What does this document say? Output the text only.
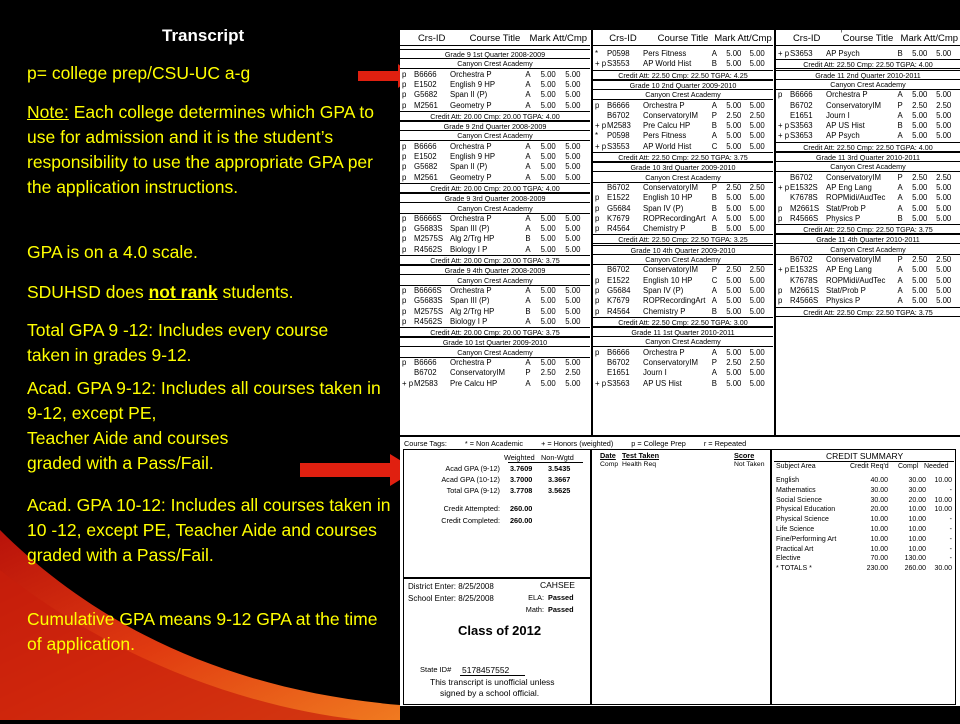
Transcript
p= college prep/CSU-UC a-g
Note: Each college determines which GPA to use for admission and it is the student’s responsibility to use the appropriate GPA per the application instructions.
GPA is on a 4.0 scale.
SDUHSD does not rank students.
Total GPA 9 -12: Includes every course taken in grades 9-12.
Acad. GPA 9-12: Includes all courses taken in 9-12, except PE,
Teacher Aide and courses
graded with a Pass/Fail.
Acad. GPA 10-12: Includes all courses taken in 10 -12, except PE, Teacher Aide and courses graded with a Pass/Fail.
Cumulative GPA means 9-12 GPA at the time of application.
~~~~ ~~~ ~~~~ | ~~~ ~~~~ ~~~~
Crs-ID	Course Title Mark Att/Cmp
Grade 9 1st Quarter 2008-2009
Canyon Crest Academy
p B6666 Orchestra P	A 5.00 5.00
p E1502 English 9 HP	A 5.00 5.00
p G5682 Span II (P)	A 5.00 5.00
p M2561 Geometry P	A 5.00 5.00
Credit Att: 20.00 Cmp: 20.00 TGPA: 4.00
Grade 9 2nd Quarter 2008-2009
Canyon Crest Academy
p B6666 Orchestra P	A 5.00 5.00
p E1502 English 9 HP	A 5.00 5.00
p G5682 Span II (P)	A 5.00 5.00
p M2561 Geometry P	A 5.00 5.00
Credit Att: 20.00 Cmp: 20.00 TGPA: 4.00
Grade 9 3rd Quarter 2008-2009
Canyon Crest Academy
p B6666S Orchestra P	A 5.00 5.00
p G5683S Span III (P)	A 5.00 5.00
p M2575S Alg 2/Trg HP	B 5.00 5.00
p R4562S Biology I P	A 5.00 5.00
Credit Att: 20.00 Cmp: 20.00 TGPA: 3.75
Grade 9 4th Quarter 2008-2009
Canyon Crest Academy
p B6666S Orchestra P	A 5.00 5.00
p G5683S Span III (P)	A 5.00 5.00
p M2575S Alg 2/Trg HP	B 5.00 5.00
p R4562S Biology I P	A 5.00 5.00
Credit Att: 20.00 Cmp: 20.00 TGPA: 3.75
Grade 10 1st Quarter 2009-2010
Canyon Crest Academy
p B6666 Orchestra P	A 5.00 5.00
B6702 ConservatoryIM	P 2.50 2.50
+ p M2583 Pre Calcu HP	A 5.00 5.00
Crs-ID	Course Title Mark Att/Cmp
* P0598 Pers Fitness	A 5.00 5.00
+ p S3553 AP World Hist	B 5.00 5.00
Credit Att: 22.50 Cmp: 22.50 TGPA: 4.25
Grade 10 2nd Quarter 2009-2010
Canyon Crest Academy
p B6666 Orchestra P	A 5.00 5.00
B6702 ConservatoryIM P 2.50 2.50
+ p M2583 Pre Calcu HP	B 5.00 5.00
* P0598 Pers Fitness	A 5.00 5.00
+ p S3553 AP World Hist	C 5.00 5.00
Credit Att: 22.50 Cmp: 22.50 TGPA: 3.75
Grade 10 3rd Quarter 2009-2010
Canyon Crest Academy
B6702 ConservatoryIM P 2.50 2.50
p E1522 English 10 HP B 5.00 5.00
p G5684 Span IV (P)	B 5.00 5.00
p K7679 ROPRecordingArt A 5.00 5.00
p R4564 Chemistry P	B 5.00 5.00
Credit Att: 22.50 Cmp: 22.50 TGPA: 3.25
Grade 10 4th Quarter 2009-2010
Canyon Crest Academy
B6702 ConservatoryIM P 2.50 2.50
p E1522 English 10 HP C 5.00 5.00
p G5684 Span IV (P)	A 5.00 5.00
p K7679 ROPRecordingArt A 5.00 5.00
p R4564 Chemistry P	B 5.00 5.00
Credit Att: 22.50 Cmp: 22.50 TGPA: 3.00
Grade 11 1st Quarter 2010-2011
Canyon Crest Academy
p B6666 Orchestra P	A 5.00 5.00
B6702 ConservatoryIM P 2.50 2.50
E1651 Journ I	A 5.00 5.00
+ p S3563 AP US Hist	B 5.00 5.00
Crs-ID	Course Title Mark Att/Cmp
+ p S3653 AP Psych	B 5.00 5.00
Credit Att: 22.50 Cmp: 22.50 TGPA: 4.00
Grade 11 2nd Quarter 2010-2011
Canyon Crest Academy
p B6666 Orchestra P	A 5.00 5.00
B6702 ConservatoryIM P 2.50 2.50
E1651 Journ I	A 5.00 5.00
+ p S3563 AP US Hist	B 5.00 5.00
+ p S3653 AP Psych	A 5.00 5.00
Credit Att: 22.50 Cmp: 22.50 TGPA: 4.00
Grade 11 3rd Quarter 2010-2011
Canyon Crest Academy
B6702 ConservatoryIM P 2.50 2.50
+ p E1532S AP Eng Lang	A 5.00 5.00
K7678S ROPMidi/AudTec A 5.00 5.00
p M2661S Stat/Prob P	A 5.00 5.00
p R4566S Physics P	B 5.00 5.00
Credit Att: 22.50 Cmp: 22.50 TGPA: 3.75
Grade 11 4th Quarter 2010-2011
Canyon Crest Academy
B6702 ConservatoryIM P 2.50 2.50
+ p E1532S AP Eng Lang	A 5.00 5.00
K7678S ROPMidi/AudTec A 5.00 5.00
p M2661S Stat/Prob P	A 5.00 5.00
p R4566S Physics P	A 5.00 5.00
Credit Att: 22.50 Cmp: 22.50 TGPA: 3.75
Course Tags: * = Non Academic + = Honors (weighted) p = College Prep r = Repeated
Weighted Non-Wgtd
Acad GPA (9-12) 3.7609 3.5435
Acad GPA (10-12) 3.7000 3.3667
Total GPA (9-12) 3.7708 3.5625
Credit Attempted: 260.00
Credit Completed: 260.00
District Enter: 8/25/2008
School Enter: 8/25/2008
CAHSEE
ELA: Passed
Math: Passed
Class of 2012
State ID# 5178457552
This transcript is unofficial unless
signed by a school official.
Date Test Taken	Score
Comp Health Req	Not Taken
CREDIT SUMMARY
Subject Area	Credit Req'd Compl Needed
English	40.00	30.00	10.00
Mathematics	30.00	30.00	-
Social Science	30.00	20.00	10.00
Physical Education	20.00	10.00	10.00
Physical Science	10.00	10.00	-
Life Science	10.00	10.00	-
Fine/Performing Art	10.00	10.00	-
Practical Art	10.00	10.00	-
Elective	70.00	130.00	-
* TOTALS *	230.00	260.00	30.00
Signature:	Date:
